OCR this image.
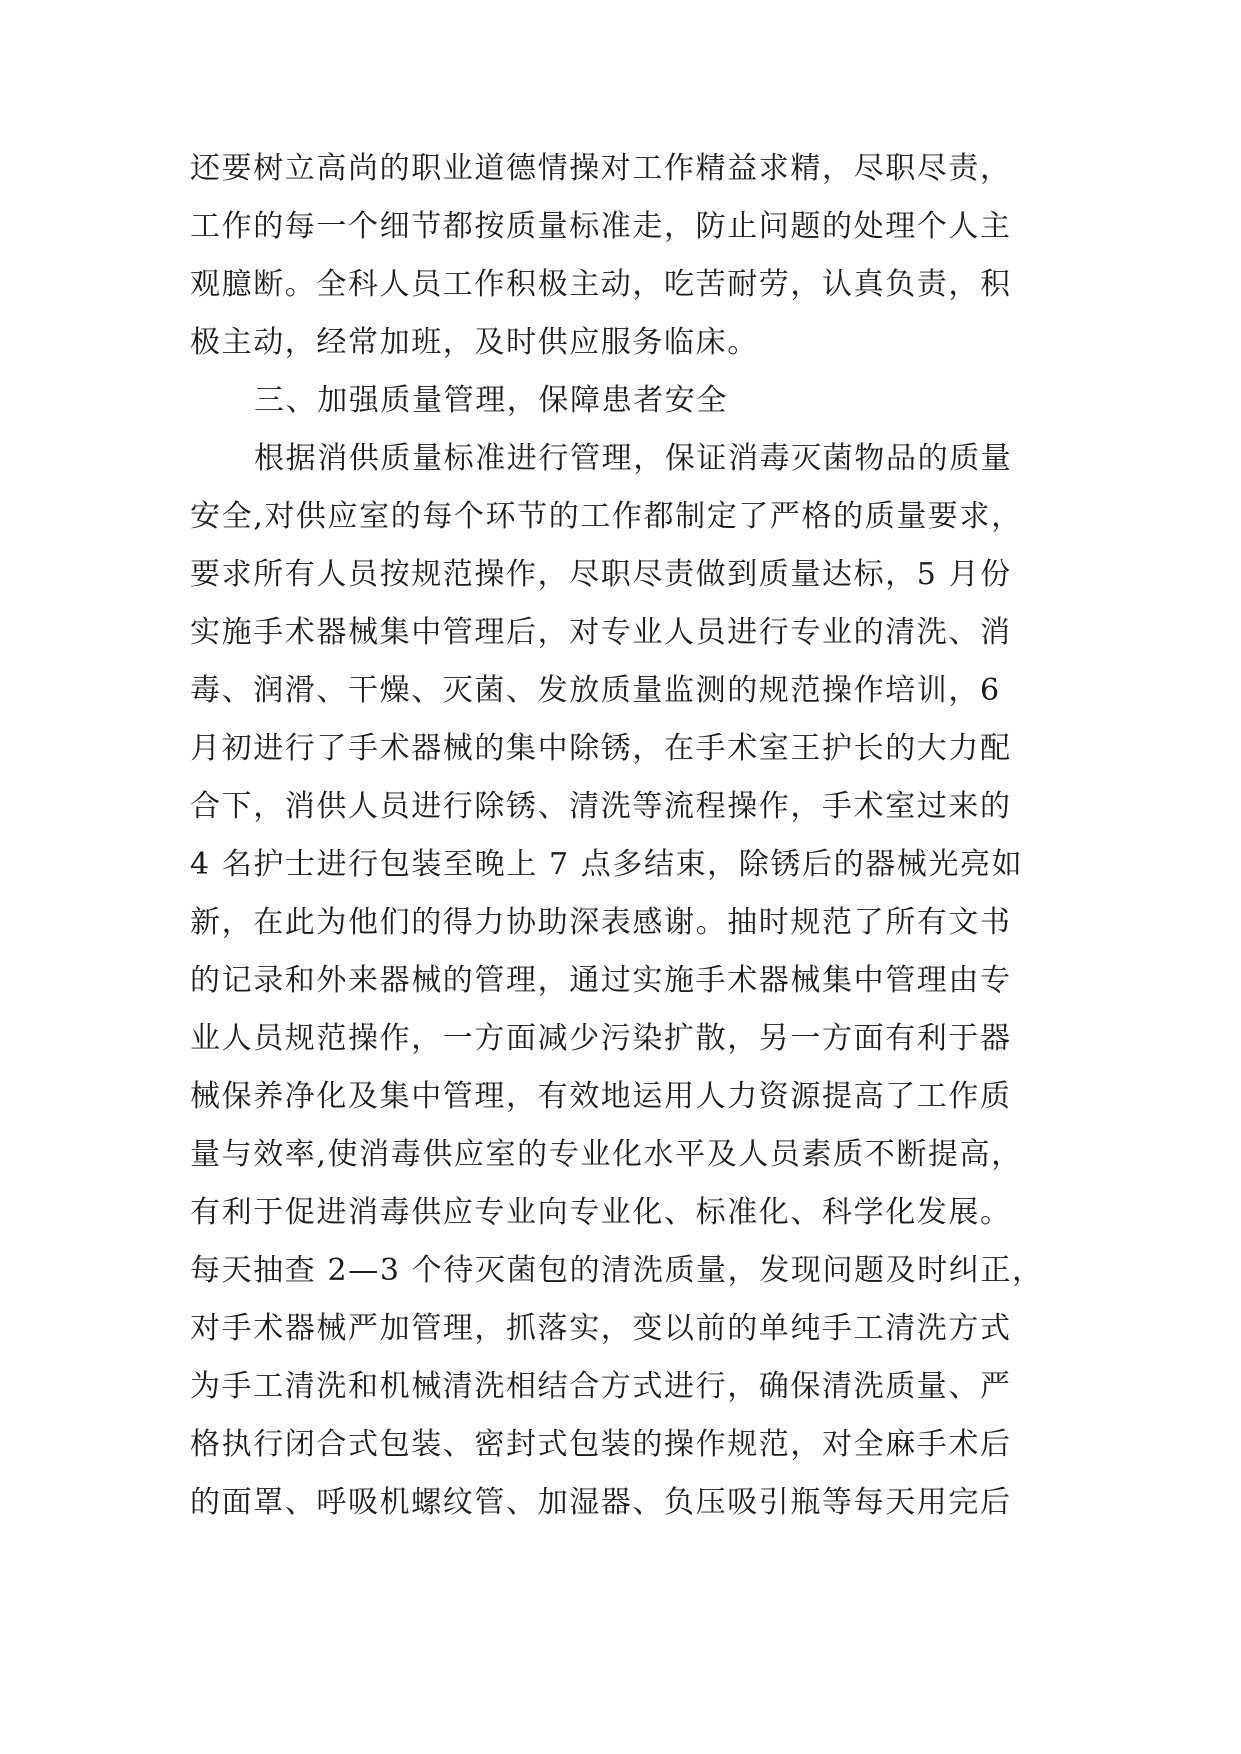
还要树立高尚的职业道德情操对工作精益求精，尽职尽责，
工作的每一个细节都按质量标准走，防止问题的处理个人主
观臆断。全科人员工作积极主动，吃苦耐劳，认真负责，积
极主动，经常加班，及时供应服务临床。
三、加强质量管理，保障患者安全
根据消供质量标准进行管理，保证消毒灭菌物品的质量
安全,对供应室的每个环节的工作都制定了严格的质量要求，
要求所有人员按规范操作，尽职尽责做到质量达标，5 月份
实施手术器械集中管理后，对专业人员进行专业的清洗、消
毒、润滑、干燥、灭菌、发放质量监测的规范操作培训，6
月初进行了手术器械的集中除锈，在手术室王护长的大力配
合下，消供人员进行除锈、清洗等流程操作，手术室过来的
4 名护士进行包装至晚上 7 点多结束，除锈后的器械光亮如
新，在此为他们的得力协助深表感谢。抽时规范了所有文书
的记录和外来器械的管理，通过实施手术器械集中管理由专
业人员规范操作，一方面减少污染扩散，另一方面有利于器
械保养净化及集中管理，有效地运用人力资源提高了工作质
量与效率,使消毒供应室的专业化水平及人员素质不断提高，
有利于促进消毒供应专业向专业化、标准化、科学化发展。
每天抽查 2—3 个待灭菌包的清洗质量，发现问题及时纠正，
对手术器械严加管理，抓落实，变以前的单纯手工清洗方式
为手工清洗和机械清洗相结合方式进行，确保清洗质量、严
格执行闭合式包装、密封式包装的操作规范，对全麻手术后
的面罩、呼吸机螺纹管、加湿器、负压吸引瓶等每天用完后
